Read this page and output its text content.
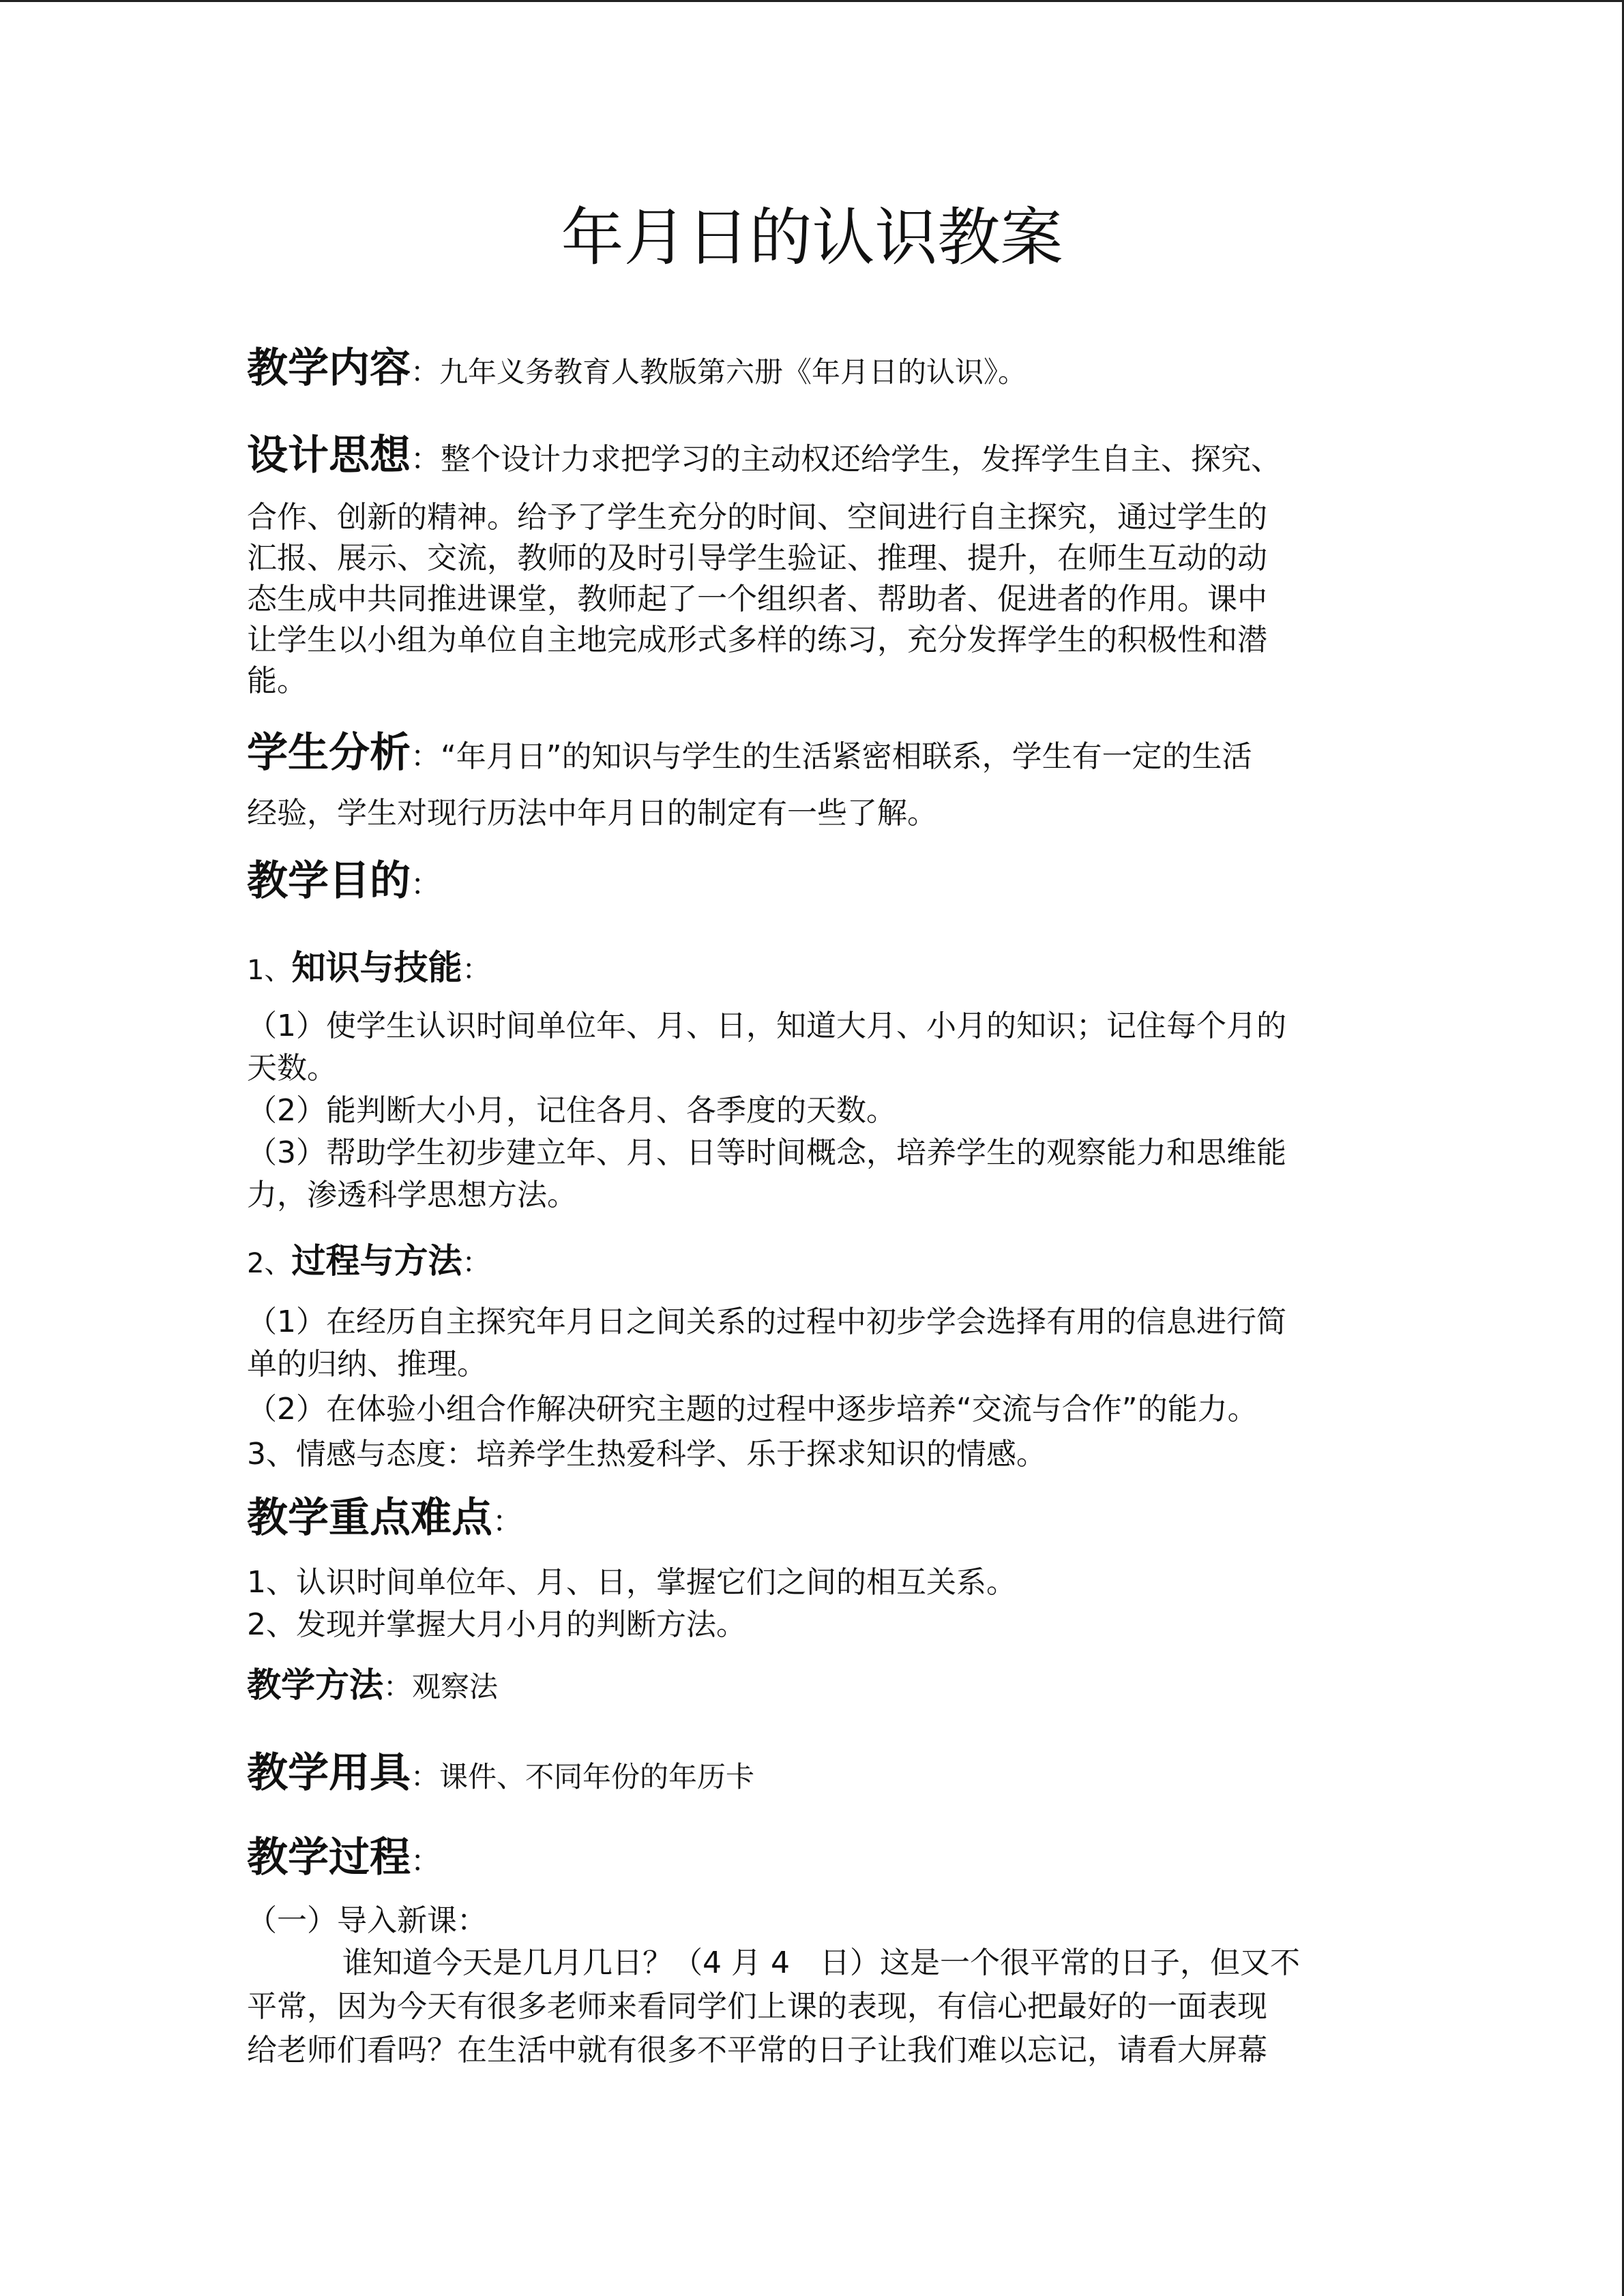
年月日的认识教案
教学内容：九年义务教育人教版第六册《年月日的认识》。
设计思想：整个设计力求把学习的主动权还给学生，发挥学生自主、探究、
合作、创新的精神。给予了学生充分的时间、空间进行自主探究，通过学生的
汇报、展示、交流，教师的及时引导学生验证、推理、提升，在师生互动的动
态生成中共同推进课堂，教师起了一个组织者、帮助者、促进者的作用。课中
让学生以小组为单位自主地完成形式多样的练习，充分发挥学生的积极性和潜
能。
学生分析：“年月日”的知识与学生的生活紧密相联系，学生有一定的生活
经验，学生对现行历法中年月日的制定有一些了解。
教学目的：
1、知识与技能：
（1）使学生认识时间单位年、月、日，知道大月、小月的知识；记住每个月的
天数。
（2）能判断大小月，记住各月、各季度的天数。
（3）帮助学生初步建立年、月、日等时间概念，培养学生的观察能力和思维能
力，渗透科学思想方法。
2、过程与方法：
（1）在经历自主探究年月日之间关系的过程中初步学会选择有用的信息进行简
单的归纳、推理。
（2）在体验小组合作解决研究主题的过程中逐步培养“交流与合作”的能力。
3、情感与态度：培养学生热爱科学、乐于探求知识的情感。
教学重点难点：
1、认识时间单位年、月、日，掌握它们之间的相互关系。
2、发现并掌握大月小月的判断方法。
教学方法：观察法
教学用具：课件、不同年份的年历卡
教学过程：
（一）导入新课：
谁知道今天是几月几日？（4 月 4　日）这是一个很平常的日子，但又不
平常，因为今天有很多老师来看同学们上课的表现，有信心把最好的一面表现
给老师们看吗？在生活中就有很多不平常的日子让我们难以忘记，请看大屏幕
